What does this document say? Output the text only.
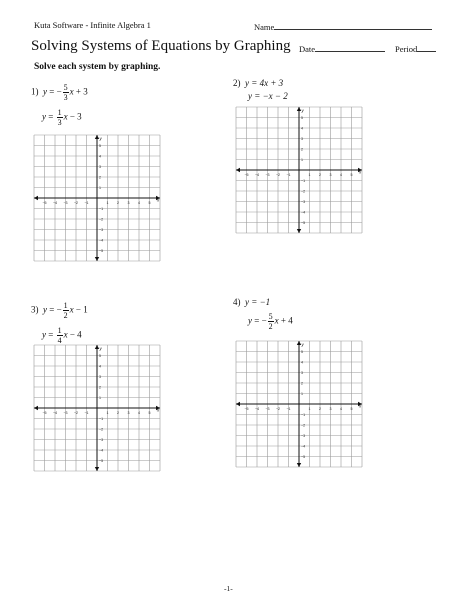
Kuta Software - Infinite Algebra 1	Name
Solving Systems of Equations by Graphing Date	Period
Solve each system by graphing.
1) y = − $\frac{5}{3}$ x + 3
$y = \frac{1}{3}$ x − 3
2) y = 4x + 3
y = −x − 2
3) y = − $\frac{1}{2}$ x − 1
$y = \frac{1}{4}$ x − 4
4) y = −1
y = − $\frac{5}{2}$ x + 4
−5 −4 −3 −2 −1	1 2 3 4 5
5
4
3
2
1
−1
−2
−3
−4
−5
x
y
−5 −4 −3 −2 −1	1 2 3 4 5
5
4
3
2
1
−1
−2
−3
−4
−5
x
y
−5 −4 −3 −2 −1	1 2 3 4 5
5
4
3
2
1
−1
−2
−3
−4
−5
x
y
−5 −4 −3 −2 −1	1 2 3 4 5
5
4
3
2
1
−1
−2
−3
−4
−5
x
y
-1-
